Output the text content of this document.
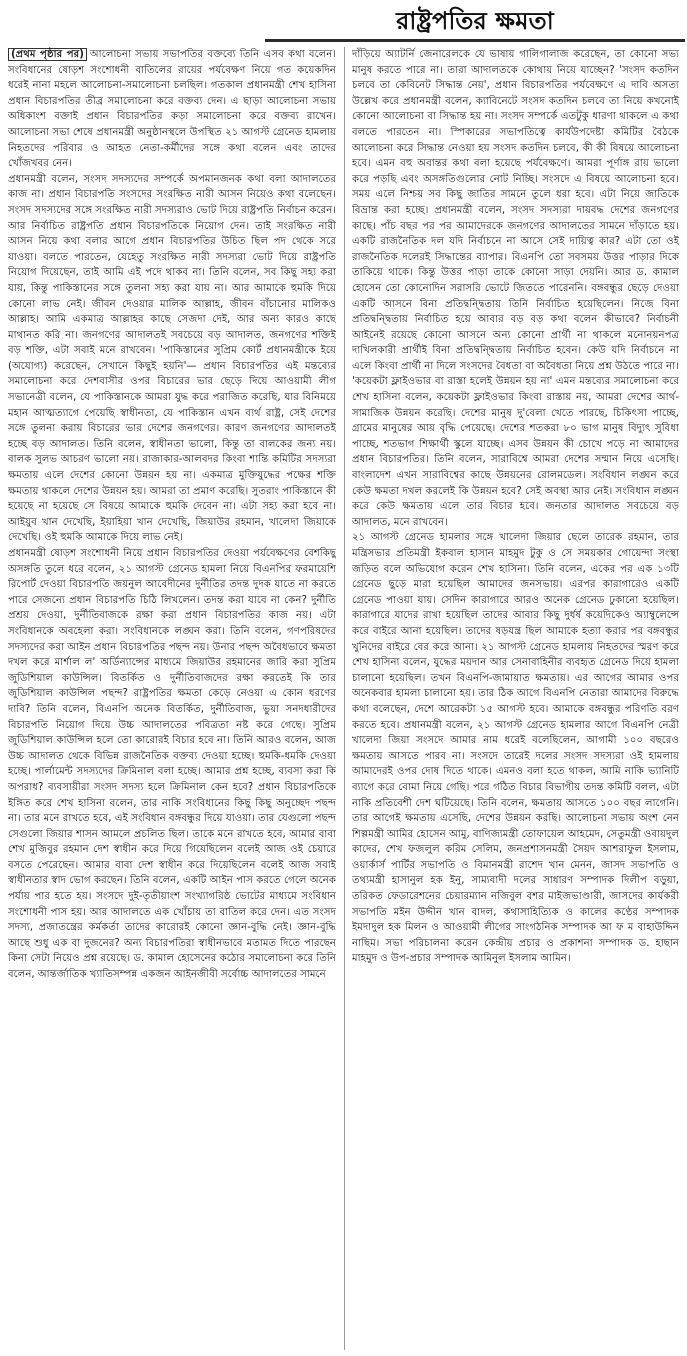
রাষ্ট্রপতির ক্ষমতা

(প্রথম পৃষ্ঠার পর) আলোচনা সভায় সভাপতির বক্তব্যে তিনি এসব কথা বলেন। সংবিধানের ষোড়শ সংশোধনী বাতিলের রায়ের পর্যবেক্ষণ নিয়ে গত কয়েকদিন ধরেই নানা মহলে আলোচনা-সমালোচনা চলছিল। গতকাল প্রধানমন্ত্রী শেখ হাসিনা প্রধান বিচারপতির তীব্র সমালোচনা করে বক্তব্য দেন। এ ছাড়া আলোচনা সভায় অধিকাংশ বক্তাই প্রধান বিচারপতির কড়া সমালোচনা করে বক্তব্য রাখেন। আলোচনা সভা শেষে প্রধানমন্ত্রী অনুষ্ঠানস্থলে উপস্থিত ২১ আগস্ট গ্রেনেড হামলায় নিহতদের পরিবার ও আহত নেতা-কর্মীদের সঙ্গে কথা বলেন এবং তাদের খোঁজখবর নেন।

প্রধানমন্ত্রী বলেন, সংসদ সদস্যদের সম্পর্কে অপমানজনক কথা বলা আদালতের কাজ না। প্রধান বিচারপতি সংসদের সংরক্ষিত নারী আসন নিয়েও কথা বলেছেন। সংসদ সদস্যদের সঙ্গে সংরক্ষিত নারী সদস্যরাও ভোট দিয়ে রাষ্ট্রপতি নির্বাচন করেন। আর নির্বাচিত রাষ্ট্রপতি প্রধান বিচারপতিকে নিয়োগ দেন। তাই সংরক্ষিত নারী আসন নিয়ে কথা বলার আগে প্রধান বিচারপতির উচিত ছিল পদ থেকে সরে যাওয়া। বলতে পারতেন, যেহেতু সংরক্ষিত নারী সদস্যরা ভোট দিয়ে রাষ্ট্রপতি নিয়োগ দিয়েছেন, তাই আমি এই পদে থাকব না। তিনি বলেন, সব কিছু সহ্য করা যায়, কিন্তু পাকিস্তানের সঙ্গে তুলনা সহ্য করা যায় না। আর আমাকে হুমকি দিয়ে কোনো লাভ নেই। জীবন দেওয়ার মালিক আল্লাহ, জীবন বাঁচানোর মালিকও আল্লাহ। আমি একমাত্র আল্লাহর কাছে সেজদা দেই, আর অন্য কারও কাছে মাথানত করি না। জনগণের আদালতই সবচেয়ে বড় আদালত, জনগণের শক্তিই বড় শক্তি, এটা সবাই মনে রাখবেন। 'পাকিস্তানের সুপ্রিম কোর্ট প্রধানমন্ত্রীকে ইয়ে (অযোগ্য) করেছেন, সেখানে কিছুই হয়নি'— প্রধান বিচারপতির এই মন্তব্যের সমালোচনা করে দেশবাসীর ওপর বিচারের ভার ছেড়ে দিয়ে আওয়ামী লীগ সভানেত্রী বলেন, যে পাকিস্তানকে আমরা যুদ্ধ করে পরাজিত করেছি, যার বিনিময়ে মহান আত্মত্যাগে পেয়েছি স্বাধীনতা, যে পাকিস্তান এখন ব্যর্থ রাষ্ট্র, সেই দেশের সঙ্গে তুলনা করায় বিচারের ভার দেশের জনগণের। কারণ জনগণের আদালতই হচ্ছে বড় আদালত। তিনি বলেন, স্বাধীনতা ভালো, কিন্তু তা বালকের জন্য নয়। বালক সুলভ আচরণ ভালো নয়। রাজাকার-আলবদর কিংবা শান্তি কমিটির সদস্যরা ক্ষমতায় এলে দেশের কোনো উন্নয়ন হয় না। একমাত্র মুক্তিযুদ্ধের পক্ষের শক্তি ক্ষমতায় থাকলে দেশের উন্নয়ন হয়। আমরা তা প্রমাণ করেছি। সুতরাং পাকিস্তানে কী হয়েছে না হয়েছে সে বিষয়ে আমাকে হুমকি দেবেন না। এটা সহ্য করা হবে না। আইয়ুব খান দেখেছি, ইয়াহিয়া খান দেখেছি, জিয়াউর রহমান, খালেদা জিয়াকে দেখেছি। ওই হুমকি আমাকে দিয়ে লাভ নেই।

প্রধানমন্ত্রী ষোড়শ সংশোধনী নিয়ে প্রধান বিচারপতির দেওয়া পর্যবেক্ষণের বেশকিছু অসঙ্গতি তুলে ধরে বলেন, ২১ আগস্ট গ্রেনেড হামলা নিয়ে বিএনপির ফরমায়েশি রিপোর্ট দেওয়া বিচারপতি জয়নুল আবেদীনের দুর্নীতির তদন্ত দুদক যাতে না করতে পারে সেজন্যে প্রধান বিচারপতি চিঠি লিখলেন। তদন্ত করা যাবে না কেন? দুর্নীতি প্রশ্রয় দেওয়া, দুর্নীতিবাজকে রক্ষা করা প্রধান বিচারপতির কাজ নয়। এটা সংবিধানকে অবহেলা করা। সংবিধানকে লঙ্ঘন করা। তিনি বলেন, গণপরিষদের সদস্যদের করা আইন প্রধান বিচারপতির পছন্দ নয়। উনার পছন্দ অবৈধভাবে ক্ষমতা দখল করে মার্শাল ল' অর্ডিন্যান্সের মাধ্যমে জিয়াউর রহমানের জারি করা সুপ্রিম জুডিশিয়াল কাউন্সিল। বিতর্কিত ও দুর্নীতিবাজদের রক্ষা করতেই কি তার জুডিশিয়াল কাউন্সিল পছন্দ? রাষ্ট্রপতির ক্ষমতা কেড়ে নেওয়া এ কোন ধরণের দাবি? তিনি বলেন, বিএনপি অনেক বিতর্কিত, দুর্নীতিবাজ, ভুয়া সনদধারীদের বিচারপতি নিয়োগ দিয়ে উচ্চ আদালতের পবিত্রতা নষ্ট করে গেছে। সুপ্রিম জুডিশিয়াল কাউন্সিল হলে তো কারোরই বিচার হবে না। তিনি আরও বলেন, আজ উচ্চ আদালত থেকে বিভিন্ন রাজনৈতিক বক্তব্য দেওয়া হচ্ছে। হুমকি-ধমকি দেওয়া হচ্ছে। পার্লামেন্ট সদস্যদের ক্রিমিনাল বলা হচ্ছে। আমার প্রশ্ন হচ্ছে, ব্যবসা করা কি অপরাধ? ব্যবসায়ীরা সংসদ সদস্য হলে ক্রিমিনাল কেন হবে? প্রধান বিচারপতিকে ইঙ্গিত করে শেখ হাসিনা বলেন, তার নাকি সংবিধানের কিছু কিছু অনুচ্ছেদ পছন্দ না। তার মনে রাখতে হবে, এই সংবিধান বঙ্গবন্ধুর দিয়ে যাওয়া। তার যেগুলো পছন্দ সেগুলো জিয়ার শাসন আমলে প্রচলিত ছিল। তাকে মনে রাখতে হবে, আমার বাবা শেখ মুজিবুর রহমান দেশ স্বাধীন করে দিয়ে গিয়েছিলেন বলেই আজ ওই চেয়ারে বসতে পেরেছেন। আমার বাবা দেশ স্বাধীন করে দিয়েছিলেন বলেই আজ সবাই স্বাধীনতার স্বাদ ভোগ করছেন। তিনি বলেন, একটি আইন পাস করতে গেলে অনেক পর্যায় পার হতে হয়। সংসদে দুই-তৃতীয়াংশ সংখ্যাগরিষ্ঠ ভোটের মাধ্যমে সংবিধান সংশোধনী পাস হয়। আর আদালতে এক খোঁচায় তা বাতিল করে দেন। এত সংসদ সদস্য, প্রজাতন্ত্রের কর্মকর্তা তাদের কারোরই কোনো জ্ঞান-বুদ্ধি নেই। জ্ঞান-বুদ্ধি আছে শুধু এক বা দুজনের? অন্য বিচারপতিরা স্বাধীনভাবে মতামত দিতে পারছেন কিনা সেটা নিয়েও প্রশ্ন রয়েছে। ড. কামাল হোসেনের কঠোর সমালোচনা করে তিনি বলেন, আন্তর্জাতিক খ্যাতিসম্পন্ন একজন আইনজীবী সর্বোচ্চ আদালতের সামনে

দাঁড়িয়ে অ্যাটর্নি জেনারেলকে যে ভাষায় গালিগালাজ করেছেন, তা কোনো সভ্য মানুষ করতে পারে না। তারা আদালতকে কোথায় নিয়ে যাচ্ছেন? 'সংসদ কতদিন চলবে তা কেবিনেট সিদ্ধান্ত নেয়', প্রধান বিচারপতির পর্যবেক্ষণে এ দাবি অসত্য উল্লেখ করে প্রধানমন্ত্রী বলেন, ক্যাবিনেটে সংসদ কতদিন চলবে তা নিয়ে কখনোই কোনো আলোচনা বা সিদ্ধান্ত হয় না। সংসদ সম্পর্কে এতটুকু ধারণা থাকলে এ কথা বলতে পারতেন না। স্পিকারের সভাপতিত্বে কার্যউপদেষ্টা কমিটির বৈঠকে আলোচনা করে সিদ্ধান্ত নেওয়া হয় সংসদ কতদিন চলবে, কী কী বিষয়ে আলোচনা হবে। এমন বহু অবান্তর কথা বলা হয়েছে পর্যবেক্ষণে। আমরা পূর্ণাঙ্গ রায় ভালো করে পড়ছি এবং অসঙ্গতিগুলোর নোট নিচ্ছি। সংসদে এ বিষয়ে আলোচনা হবে। সময় এলে নিশ্চয় সব কিছু জাতির সামনে তুলে ধরা হবে। এটা নিয়ে জাতিকে বিভ্রান্ত করা হচ্ছে। প্রধানমন্ত্রী বলেন, সংসদ সদস্যরা দায়বদ্ধ দেশের জনগণের কাছে। পাঁচ বছর পর পর আমাদেরকে জনগণের আদালতের সামনে দাঁড়াতে হয়। একটি রাজনৈতিক দল যদি নির্বাচনে না আসে সেই দায়িত্ব কার? এটা তো ওই রাজনৈতিক দলেরই সিদ্ধান্তের ব্যাপার। বিএনপি তো সবসময় উত্তর পাড়ার দিকে তাকিয়ে থাকে। কিন্তু উত্তর পাড়া তাকে কোনো সাড়া দেয়নি। আর ড. কামাল হোসেন তো কোনোদিন সরাসরি ভোটে জিততে পারেননি। বঙ্গবন্ধুর ছেড়ে দেওয়া একটি আসনে বিনা প্রতিদ্বন্দ্বিতায় তিনি নির্বাচিত হয়েছিলেন। নিজে বিনা প্রতিদ্বন্দ্বিতায় নির্বাচিত হয়ে আবার বড় বড় কথা বলেন কীভাবে? নির্বাচনী আইনেই রয়েছে কোনো আসনে অন্য কোনো প্রার্থী না থাকলে মনোনয়নপত্র দাখিলকারী প্রার্থীই বিনা প্রতিদ্বন্দ্বিতায় নির্বাচিত হবেন। কেউ যদি নির্বাচনে না এলে কিংবা প্রার্থী না দিলে সংসদের বৈধতা বা অবৈধতা নিয়ে প্রশ্ন উঠতে পারে না।

'কয়েকটা ফ্লাইওভার বা রাস্তা হলেই উন্নয়ন হয় না' এমন মন্তব্যের সমালোচনা করে শেখ হাসিনা বলেন, কয়েকটা ফ্লাইওভার কিংবা রাস্তায় নয়, আমরা দেশের আর্থ-সামাজিক উন্নয়ন করেছি। দেশের মানুষ দু'বেলা খেতে পারছে, চিকিৎসা পাচ্ছে, গ্রামের মানুষের আয় বৃদ্ধি পেয়েছে। দেশের শতকরা ৮০ ভাগ মানুষ বিদ্যুৎ সুবিধা পাচ্ছে, শতভাগ শিক্ষার্থী স্কুলে যাচ্ছে। এসব উন্নয়ন কী চোখে পড়ে না আমাদের প্রধান বিচারপতির। তিনি বলেন, সারাবিশ্বে আমরা দেশের সম্মান নিয়ে এসেছি। বাংলাদেশ এখন সারাবিশ্বের কাছে উন্নয়নের রোলমডেল। সংবিধান লঙ্ঘন করে কেউ ক্ষমতা দখল করলেই কি উন্নয়ন হবে? সেই অবস্থা আর নেই। সংবিধান লঙ্ঘন করে কেউ ক্ষমতায় এলে তার বিচার হবে। জনতার আদালত সবচেয়ে বড় আদালত, মনে রাখবেন।

২১ আগস্ট গ্রেনেড হামলার সঙ্গে খালেদা জিয়ার ছেলে তারেক রহমান, তার মন্ত্রিসভার প্রতিমন্ত্রী ইকবাল হাসান মাহমুদ টুকু ও সে সময়কার গোয়েন্দা সংস্থা জড়িত বলে অভিযোগ করেন শেখ হাসিনা। তিনি বলেন, একের পর এক ১৩টি গ্রেনেড ছুড়ে মারা হয়েছিল আমাদের জনসভায়। এরপর কারাগারেও একটি গ্রেনেড পাওয়া যায়। সেদিন কারাগারে আরও অনেক গ্রেনেড ঢুকানো হয়েছিল। কারাগারে যাদের রাখা হয়েছিল তাদের আবার কিছু দুর্ধর্ষ কয়েদিকেও অ্যাম্বুলেন্সে করে বাইরে আনা হয়েছিল। তাদের ষড়যন্ত্র ছিল আমাকে হত্যা করার পর বঙ্গবন্ধুর খুনিদের বাইরে বের করে আনা। ২১ আগস্ট গ্রেনেড হামলায় নিহতদের স্মরণ করে শেখ হাসিনা বলেন, যুদ্ধের ময়দান আর সেনাবাহিনীর ব্যবহৃত গ্রেনেড দিয়ে হামলা চালানো হয়েছিল। তখন বিএনপি-জামায়াত ক্ষমতায়। এর আগের আমার ওপর অনেকবার হামলা চালানো হয়। তার ঠিক আগে বিএনপি নেতারা আমাদের বিরুদ্ধে কথা বলেছেন, দেশে আরেকটা ১৫ আগস্ট হবে। আমাকে বঙ্গবন্ধুর পরিণতি বরণ করতে হবে। প্রধানমন্ত্রী বলেন, ২১ আগস্ট গ্রেনেড হামলার আগে বিএনপি নেত্রী খালেদা জিয়া সংসদে আমার নাম ধরেই বলেছিলেন, আগামী ১০০ বছরেও ক্ষমতায় আসতে পারব না। সংসদে তারেই দলের সংসদ সদস্যরা ওই হামলায় আমাদেরই ওপর দোষ দিতে থাকে। এমনও বলা হতে থাকল, আমি নাকি ভ্যানিটি ব্যাগে করে বোমা নিয়ে গেছি। পরে গঠিত বিচার বিভাগীয় তদন্ত কমিটি বলল, এটা নাকি প্রতিবেশী দেশ ঘটিয়েছে। তিনি বলেন, ক্ষমতায় আসতে ১০০ বছর লাগেনি। তার আগেই ক্ষমতায় এসেছি, দেশের উন্নয়ন করছি। আলোচনা সভায় অংশ নেন শিল্পমন্ত্রী আমির হোসেন আমু, বাণিজ্যমন্ত্রী তোফায়েল আহমেদ, সেতুমন্ত্রী ওবায়দুল কাদের, শেখ ফজলুল করিম সেলিম, জনপ্রশাসনমন্ত্রী সৈয়দ আশরাফুল ইসলাম, ওয়ার্কার্স পার্টির সভাপতি ও বিমানমন্ত্রী রাশেদ খান মেনন, জাসদ সভাপতি ও তথ্যমন্ত্রী হাসানুল হক ইনু, সাম্যবাদী দলের সাধারণ সম্পাদক দিলীপ বড়ুয়া, তরিকত ফেডারেশনের চেয়ারম্যান নজিবুল বশর মাইজভাণ্ডারী, জাসদের কার্যকরী সভাপতি মইন উদ্দীন খান বাদল, কথাসাহিত্যিক ও কালের কণ্ঠের সম্পাদক ইমদাদুল হক মিলন ও আওয়ামী লীগের সাংগঠনিক সম্পাদক আ ফ ম বাহাউদ্দিন নাছিম। সভা পরিচালনা করেন কেন্দ্রীয় প্রচার ও প্রকাশনা সম্পাদক ড. হাছান মাহমুদ ও উপ-প্রচার সম্পাদক আমিনুল ইসলাম আমিন।
